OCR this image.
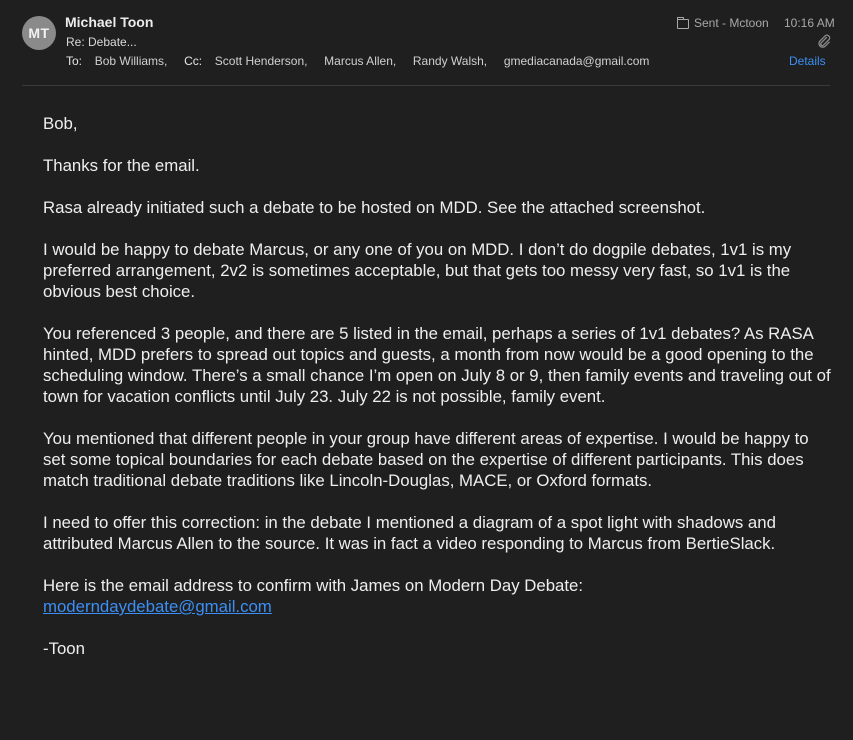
MT
Michael Toon
Re: Debate...
To: Bob Williams, Cc: Scott Henderson, Marcus Allen, Randy Walsh, gmediacanada@gmail.com
Sent - Mctoon 10:16 AM
Details

Bob,

Thanks for the email.

Rasa already initiated such a debate to be hosted on MDD. See the attached screenshot.

I would be happy to debate Marcus, or any one of you on MDD. I don’t do dogpile debates, 1v1 is my preferred arrangement, 2v2 is sometimes acceptable, but that gets too messy very fast, so 1v1 is the obvious best choice.

You referenced 3 people, and there are 5 listed in the email, perhaps a series of 1v1 debates? As RASA hinted, MDD prefers to spread out topics and guests, a month from now would be a good opening to the scheduling window. There’s a small chance I’m open on July 8 or 9, then family events and traveling out of town for vacation conflicts until July 23. July 22 is not possible, family event.

You mentioned that different people in your group have different areas of expertise. I would be happy to set some topical boundaries for each debate based on the expertise of different participants. This does match traditional debate traditions like Lincoln-Douglas, MACE, or Oxford formats.

I need to offer this correction: in the debate I mentioned a diagram of a spot light with shadows and attributed Marcus Allen to the source. It was in fact a video responding to Marcus from BertieSlack.

Here is the email address to confirm with James on Modern Day Debate:
moderndaydebate@gmail.com

-Toon
